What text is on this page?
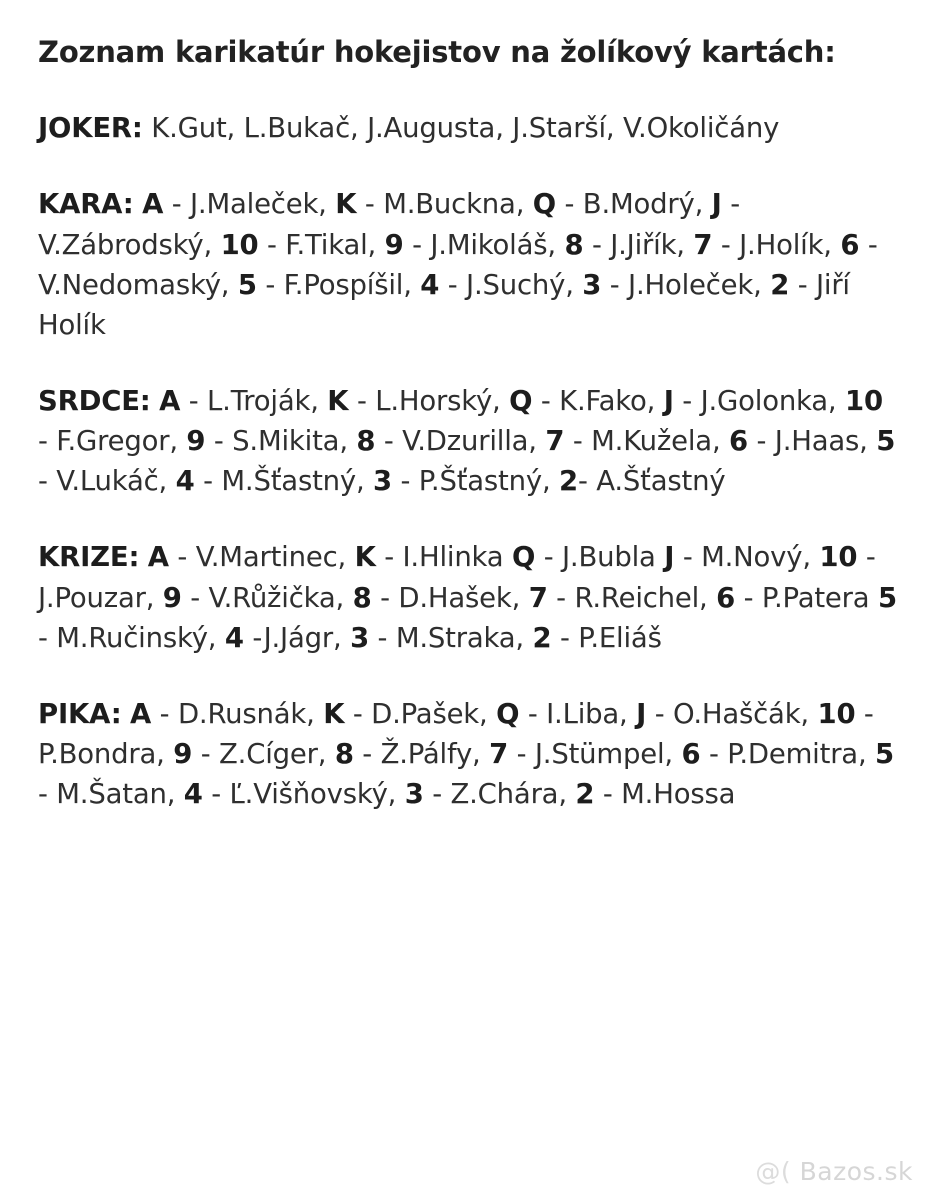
Zoznam karikatúr hokejistov na žolíkový kartách:

JOKER: K.Gut, L.Bukač, J.Augusta, J.Starší, V.Okoličány

KARA: A - J.Maleček, K - M.Buckna, Q - B.Modrý, J - V.Zábrodský, 10 - F.Tikal, 9 - J.Mikoláš, 8 - J.Jiřík, 7 - J.Holík, 6 - V.Nedomaský, 5 - F.Pospíšil, 4 - J.Suchý, 3 - J.Holeček, 2 - Jiří Holík

SRDCE: A - L.Troják, K - L.Horský, Q - K.Fako, J - J.Golonka, 10 - F.Gregor, 9 - S.Mikita, 8 - V.Dzurilla, 7 - M.Kuželа, 6 - J.Haas, 5 - V.Lukáč, 4 - M.Šťastný, 3 - P.Šťastný, 2- A.Šťastný

KRIZE: A - V.Martinec, K - I.Hlinka Q - J.Bubla J - M.Nový, 10 - J.Pouzar, 9 - V.Růžička, 8 - D.Hašek, 7 - R.Reichel, 6 - P.Patera 5 - M.Ručinský, 4 -J.Jágr, 3 - M.Straka, 2 - P.Eliáš

PIKA: A - D.Rusnák, K - D.Pašek, Q - I.Liba, J - O.Haščák, 10 - P.Bondra, 9 - Z.Cíger, 8 - Ž.Pálfy, 7 - J.Stümpel, 6 - P.Demitra, 5 - M.Šatan, 4 - Ľ.Višňovský, 3 - Z.Chára, 2 - M.Hossa

@( Bazos.sk
